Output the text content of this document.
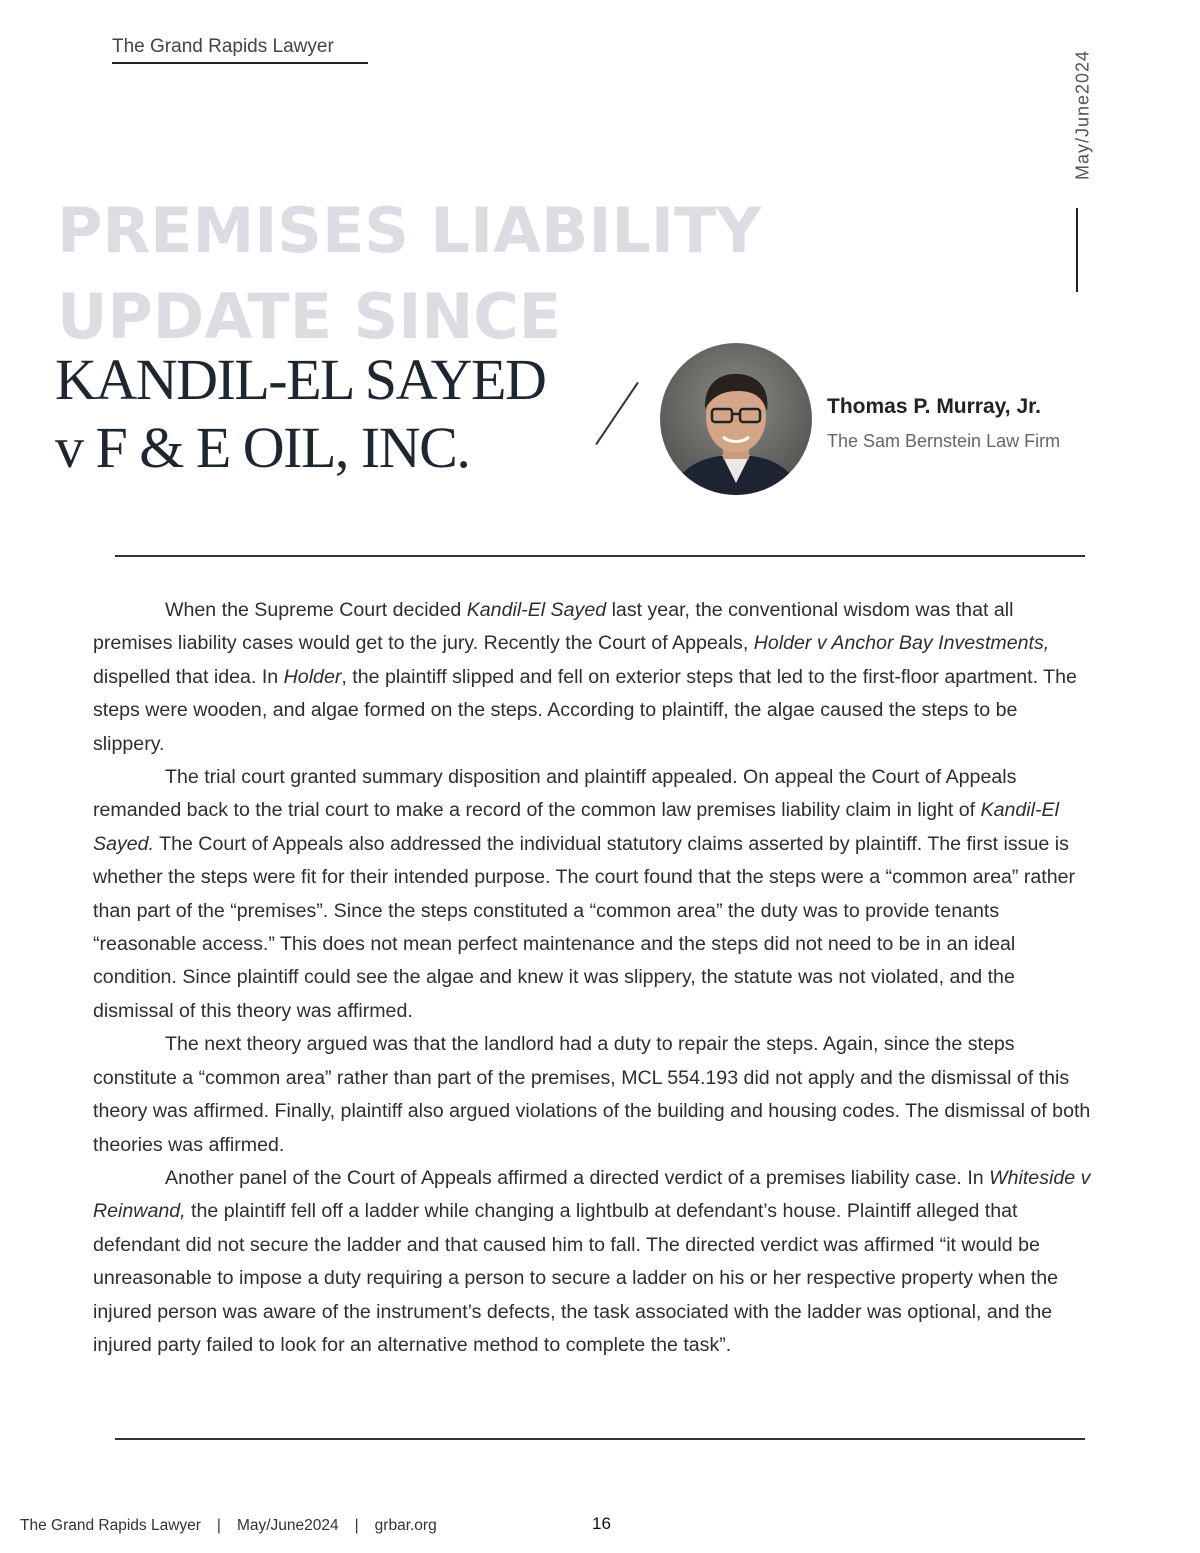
The Grand Rapids Lawyer
May/June2024
PREMISES LIABILITY
UPDATE SINCE
KANDIL-EL SAYED
v F & E OIL, INC.
Thomas P. Murray, Jr.
The Sam Bernstein Law Firm

When the Supreme Court decided Kandil-El Sayed last year, the conventional wisdom was that all premises liability cases would get to the jury. Recently the Court of Appeals, Holder v Anchor Bay Investments, dispelled that idea. In Holder, the plaintiff slipped and fell on exterior steps that led to the first-floor apartment. The steps were wooden, and algae formed on the steps. According to plaintiff, the algae caused the steps to be slippery.

The trial court granted summary disposition and plaintiff appealed. On appeal the Court of Appeals remanded back to the trial court to make a record of the common law premises liability claim in light of Kandil-El Sayed. The Court of Appeals also addressed the individual statutory claims asserted by plaintiff. The first issue is whether the steps were fit for their intended purpose. The court found that the steps were a “common area” rather than part of the “premises”. Since the steps constituted a “common area” the duty was to provide tenants “reasonable access.” This does not mean perfect maintenance and the steps did not need to be in an ideal condition. Since plaintiff could see the algae and knew it was slippery, the statute was not violated, and the dismissal of this theory was affirmed.

The next theory argued was that the landlord had a duty to repair the steps. Again, since the steps constitute a “common area” rather than part of the premises, MCL 554.193 did not apply and the dismissal of this theory was affirmed. Finally, plaintiff also argued violations of the building and housing codes. The dismissal of both theories was affirmed.

Another panel of the Court of Appeals affirmed a directed verdict of a premises liability case. In Whiteside v Reinwand, the plaintiff fell off a ladder while changing a lightbulb at defendant’s house. Plaintiff alleged that defendant did not secure the ladder and that caused him to fall. The directed verdict was affirmed “it would be unreasonable to impose a duty requiring a person to secure a ladder on his or her respective property when the injured person was aware of the instrument’s defects, the task associated with the ladder was optional, and the injured party failed to look for an alternative method to complete the task”.

The Grand Rapids Lawyer | May/June2024 | grbar.org	16
